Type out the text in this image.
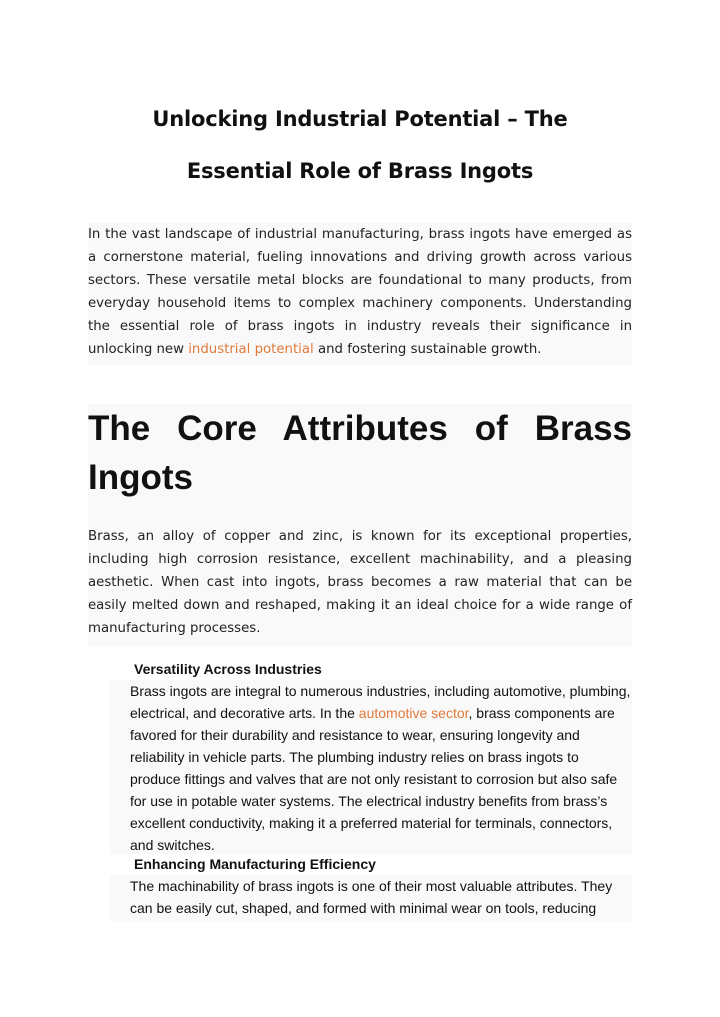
Unlocking Industrial Potential – The
Essential Role of Brass Ingots

In the vast landscape of industrial manufacturing, brass ingots have emerged as a cornerstone material, fueling innovations and driving growth across various sectors. These versatile metal blocks are foundational to many products, from everyday household items to complex machinery components. Understanding the essential role of brass ingots in industry reveals their significance in unlocking new industrial potential and fostering sustainable growth.

The Core Attributes of Brass Ingots

Brass, an alloy of copper and zinc, is known for its exceptional properties, including high corrosion resistance, excellent machinability, and a pleasing aesthetic. When cast into ingots, brass becomes a raw material that can be easily melted down and reshaped, making it an ideal choice for a wide range of manufacturing processes.

Versatility Across Industries

Brass ingots are integral to numerous industries, including automotive, plumbing, electrical, and decorative arts. In the automotive sector, brass components are favored for their durability and resistance to wear, ensuring longevity and reliability in vehicle parts. The plumbing industry relies on brass ingots to produce fittings and valves that are not only resistant to corrosion but also safe for use in potable water systems. The electrical industry benefits from brass’s excellent conductivity, making it a preferred material for terminals, connectors, and switches.

Enhancing Manufacturing Efficiency

The machinability of brass ingots is one of their most valuable attributes. They can be easily cut, shaped, and formed with minimal wear on tools, reducing
